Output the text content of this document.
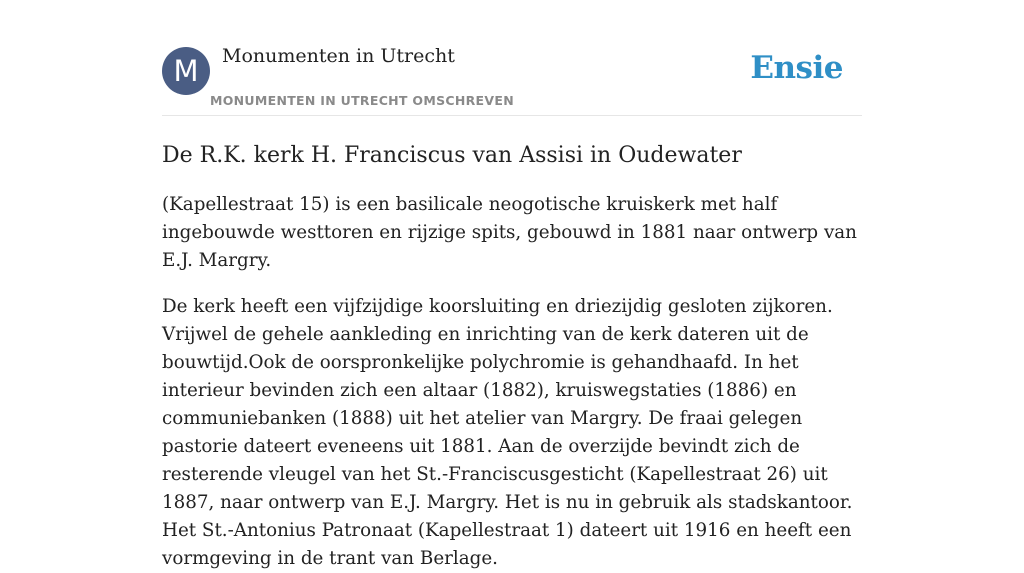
M	Monumenten in Utrecht
MONUMENTEN IN UTRECHT OMSCHREVEN
Ensie
De R.K. kerk H. Franciscus van Assisi in Oudewater

(Kapellestraat 15) is een basilicale neogotische kruiskerk met half ingebouwde westtoren en rijzige spits, gebouwd in 1881 naar ontwerp van E.J. Margry.

De kerk heeft een vijfzijdige koorsluiting en driezijdig gesloten zijkoren. Vrijwel de gehele aankleding en inrichting van de kerk dateren uit de bouwtijd.Ook de oorspronkelijke polychromie is gehandhaafd. In het interieur bevinden zich een altaar (1882), kruiswegstaties (1886) en communiebanken (1888) uit het atelier van Margry. De fraai gelegen pastorie dateert eveneens uit 1881. Aan de overzijde bevindt zich de resterende vleugel van het St.-Franciscusgesticht (Kapellestraat 26) uit 1887, naar ontwerp van E.J. Margry. Het is nu in gebruik als stadskantoor. Het St.-Antonius Patronaat (Kapellestraat 1) dateert uit 1916 en heeft een vormgeving in de trant van Berlage.
